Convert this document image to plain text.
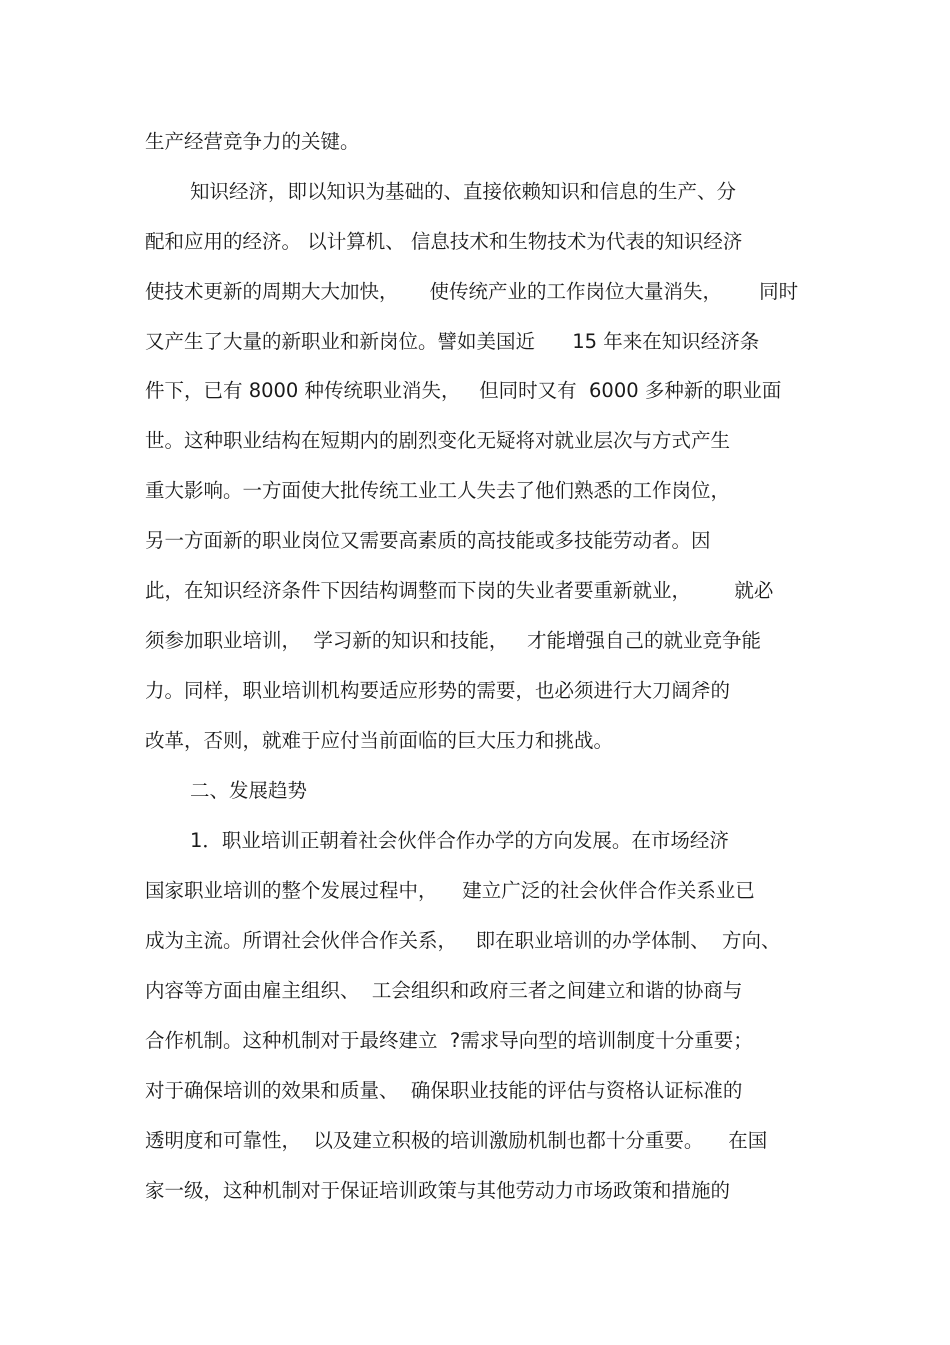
生产经营竞争力的关键。
知识经济，即以知识为基础的、直接依赖知识和信息的生产、分
配和应用的经济。 以计算机、 信息技术和生物技术为代表的知识经济
使技术更新的周期大大加快，     使传统产业的工作岗位大量消失，      同时
又产生了大量的新职业和新岗位。譬如美国近      15 年来在知识经济条
件下，已有 8000 种传统职业消失，   但同时又有  6000 多种新的职业面
世。这种职业结构在短期内的剧烈变化无疑将对就业层次与方式产生
重大影响。一方面使大批传统工业工人失去了他们熟悉的工作岗位，
另一方面新的职业岗位又需要高素质的高技能或多技能劳动者。因
此，在知识经济条件下因结构调整而下岗的失业者要重新就业，       就必
须参加职业培训，  学习新的知识和技能，   才能增强自己的就业竞争能
力。同样，职业培训机构要适应形势的需要，也必须进行大刀阔斧的
改革，否则，就难于应付当前面临的巨大压力和挑战。
二、发展趋势
1．职业培训正朝着社会伙伴合作办学的方向发展。在市场经济
国家职业培训的整个发展过程中，    建立广泛的社会伙伴合作关系业已
成为主流。所谓社会伙伴合作关系，   即在职业培训的办学体制、  方向、
内容等方面由雇主组织、  工会组织和政府三者之间建立和谐的协商与
合作机制。这种机制对于最终建立  ?需求导向型的培训制度十分重要；
对于确保培训的效果和质量、  确保职业技能的评估与资格认证标准的
透明度和可靠性，  以及建立积极的培训激励机制也都十分重要。    在国
家一级，这种机制对于保证培训政策与其他劳动力市场政策和措施的
